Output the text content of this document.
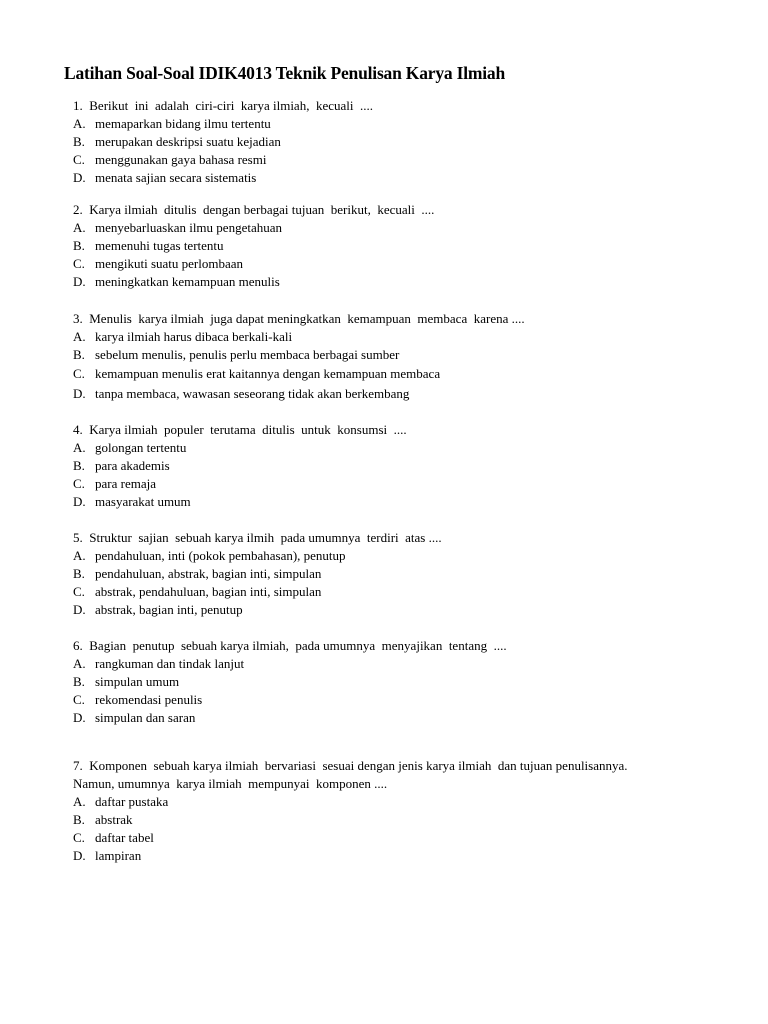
Latihan Soal-Soal IDIK4013 Teknik Penulisan Karya Ilmiah
1.  Berikut  ini  adalah  ciri-ciri  karya ilmiah,  kecuali  ....
A. memaparkan bidang ilmu tertentu
B. merupakan deskripsi suatu kejadian
C. menggunakan gaya bahasa resmi
D. menata sajian secara sistematis
2.  Karya ilmiah  ditulis  dengan berbagai tujuan  berikut,  kecuali  ....
A. menyebarluaskan ilmu pengetahuan
B. memenuhi tugas tertentu
C. mengikuti suatu perlombaan
D. meningkatkan kemampuan menulis
3.  Menulis  karya ilmiah  juga dapat meningkatkan  kemampuan  membaca  karena ....
A. karya ilmiah harus dibaca berkali-kali
B. sebelum menulis, penulis perlu membaca berbagai sumber
C. kemampuan menulis erat kaitannya dengan kemampuan membaca
D. tanpa membaca, wawasan seseorang tidak akan berkembang
4.  Karya ilmiah  populer  terutama  ditulis  untuk  konsumsi  ....
A. golongan tertentu
B. para akademis
C. para remaja
D. masyarakat umum
5.  Struktur  sajian  sebuah karya ilmih  pada umumnya  terdiri  atas ....
A. pendahuluan, inti (pokok pembahasan), penutup
B. pendahuluan, abstrak, bagian inti, simpulan
C. abstrak, pendahuluan, bagian inti, simpulan
D. abstrak, bagian inti, penutup
6.  Bagian  penutup  sebuah karya ilmiah,  pada umumnya  menyajikan  tentang  ....
A. rangkuman dan tindak lanjut
B. simpulan umum
C. rekomendasi penulis
D. simpulan dan saran
7.  Komponen  sebuah karya ilmiah  bervariasi  sesuai dengan jenis karya ilmiah  dan tujuan penulisannya.  Namun, umumnya  karya ilmiah  mempunyai  komponen ....
A. daftar pustaka
B. abstrak
C. daftar tabel
D. lampiran
